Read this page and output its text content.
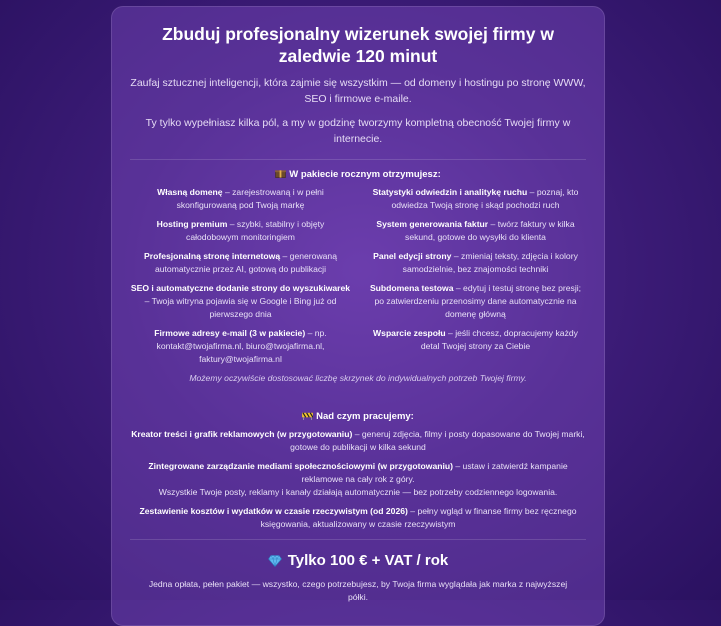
Zbuduj profesjonalny wizerunek swojej firmy w zaledwie 120 minut

Zaufaj sztucznej inteligencji, która zajmie się wszystkim — od domeny i hostingu po stronę WWW, SEO i firmowe e-maile.

Ty tylko wypełniasz kilka pól, a my w godzinę tworzymy kompletną obecność Twojej firmy w internecie.

W pakiecie rocznym otrzymujesz:
Własną domenę – zarejestrowaną i w pełni skonfigurowaną pod Twoją markę
Statystyki odwiedzin i analitykę ruchu – poznaj, kto odwiedza Twoją stronę i skąd pochodzi ruch
Hosting premium – szybki, stabilny i objęty całodobowym monitoringiem
System generowania faktur – twórz faktury w kilka sekund, gotowe do wysyłki do klienta
Profesjonalną stronę internetową – generowaną automatycznie przez AI, gotową do publikacji
Panel edycji strony – zmieniaj teksty, zdjęcia i kolory samodzielnie, bez znajomości techniki
SEO i automatyczne dodanie strony do wyszukiwarek – Twoja witryna pojawia się w Google i Bing już od pierwszego dnia
Subdomena testowa – edytuj i testuj stronę bez presji; po zatwierdzeniu przenosimy dane automatycznie na domenę główną
Firmowe adresy e-mail (3 w pakiecie) – np. kontakt@twojafirma.nl, biuro@twojafirma.nl, faktury@twojafirma.nl
Wsparcie zespołu – jeśli chcesz, dopracujemy każdy detal Twojej strony za Ciebie

Możemy oczywiście dostosować liczbę skrzynek do indywidualnych potrzeb Twojej firmy.

Nad czym pracujemy:
Kreator treści i grafik reklamowych (w przygotowaniu) – generuj zdjęcia, filmy i posty dopasowane do Twojej marki, gotowe do publikacji w kilka sekund
Zintegrowane zarządzanie mediami społecznościowymi (w przygotowaniu) – ustaw i zatwierdź kampanie reklamowe na cały rok z góry.
Wszystkie Twoje posty, reklamy i kanały działają automatycznie — bez potrzeby codziennego logowania.
Zestawienie kosztów i wydatków w czasie rzeczywistym (od 2026) – pełny wgląd w finanse firmy bez ręcznego księgowania, aktualizowany w czasie rzeczywistym
Tylko 100 € + VAT / rok

Jedna opłata, pełen pakiet — wszystko, czego potrzebujesz, by Twoja firma wyglądała jak marka z najwyższej półki.
